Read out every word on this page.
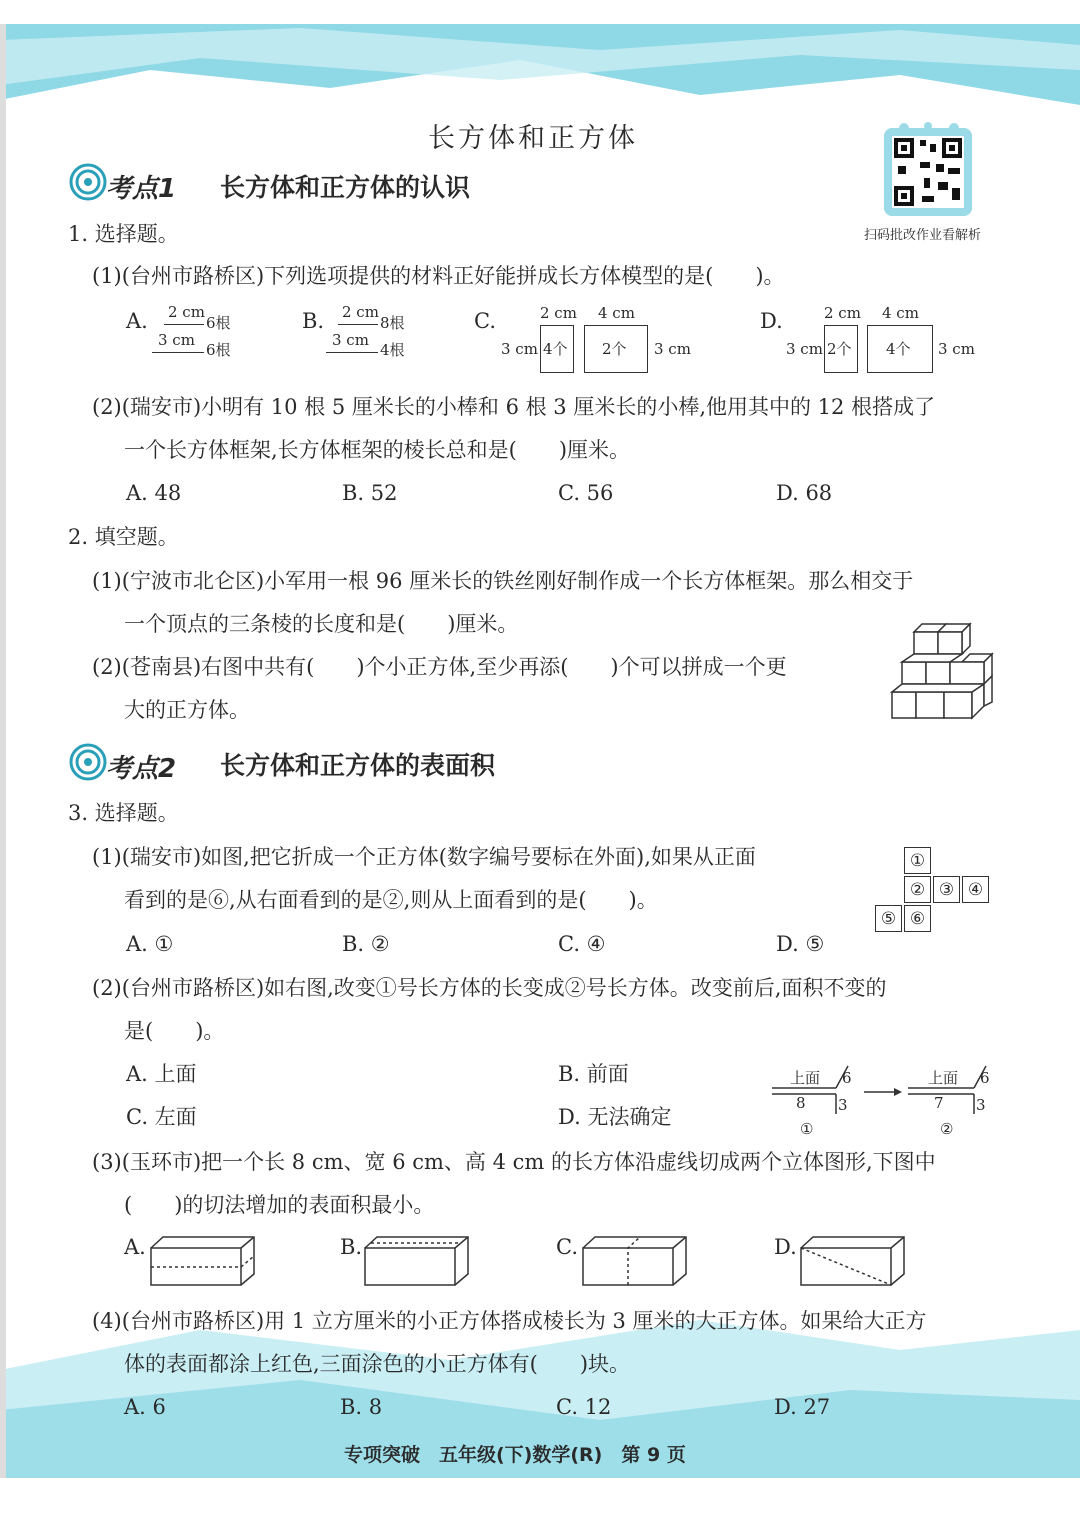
长方体和正方体
扫码批改作业看解析
考点1 长方体和正方体的认识
1. 选择题。
(1)(台州市路桥区)下列选项提供的材料正好能拼成长方体模型的是(　　)。
A. 2 cm
6根
3 cm
6根
B. 2 cm
8根
3 cm
4根
C.	2 cm 4 cm
3 cm 4个 2个 3 cm
D.	2 cm 4 cm
3 cm 2个 4个 3 cm
(2)(瑞安市)小明有 10 根 5 厘米长的小棒和 6 根 3 厘米长的小棒,他用其中的 12 根搭成了
一个长方体框架,长方体框架的棱长总和是(　　)厘米。
A. 48	B. 52	C. 56	D. 68
2. 填空题。
(1)(宁波市北仑区)小军用一根 96 厘米长的铁丝刚好制作成一个长方体框架。那么相交于
一个顶点的三条棱的长度和是(　　)厘米。
(2)(苍南县)右图中共有(　　)个小正方体,至少再添(　　)个可以拼成一个更
大的正方体。
考点2 长方体和正方体的表面积
3. 选择题。
(1)(瑞安市)如图,把它折成一个正方体(数字编号要标在外面),如果从正面
看到的是⑥,从右面看到的是②,则从上面看到的是(　　)。
A. ①	B. ②	C. ④	D. ⑤
①
② ③ ④
⑤ ⑥
(2)(台州市路桥区)如右图,改变①号长方体的长变成②号长方体。改变前后,面积不变的
是(　　)。
A. 上面	B. 前面
C. 左面	D. 无法确定
上面 6
8 3
①
上面 6
7 3
②
(3)(玉环市)把一个长 8 cm、宽 6 cm、高 4 cm 的长方体沿虚线切成两个立体图形,下图中
(　　)的切法增加的表面积最小。
A.	B.	C.	D.
(4)(台州市路桥区)用 1 立方厘米的小正方体搭成棱长为 3 厘米的大正方体。如果给大正方
体的表面都涂上红色,三面涂色的小正方体有(　　)块。
A. 6	B. 8	C. 12	D. 27
专项突破　五年级(下)数学(R)　第 9 页
